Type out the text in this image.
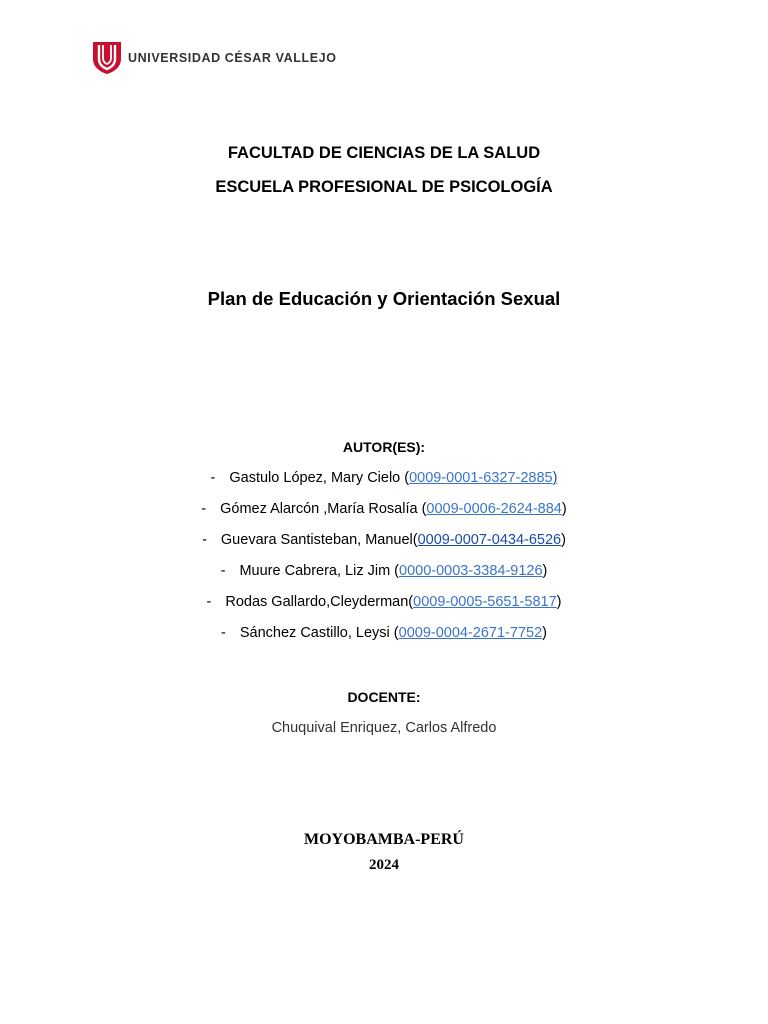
UNIVERSIDAD CÉSAR VALLEJO
FACULTAD DE CIENCIAS DE LA SALUD
ESCUELA PROFESIONAL DE PSICOLOGÍA
Plan de Educación y Orientación Sexual
AUTOR(ES):
- Gastulo López, Mary Cielo (0009-0001-6327-2885)
- Gómez Alarcón ,María Rosalía (0009-0006-2624-884)
- Guevara Santisteban, Manuel(0009-0007-0434-6526)
- Muure Cabrera, Liz Jim (0000-0003-3384-9126)
- Rodas Gallardo,Cleyderman(0009-0005-5651-5817)
- Sánchez Castillo, Leysi (0009-0004-2671-7752)
DOCENTE:
Chuquival Enriquez, Carlos Alfredo
MOYOBAMBA-PERÚ
2024
